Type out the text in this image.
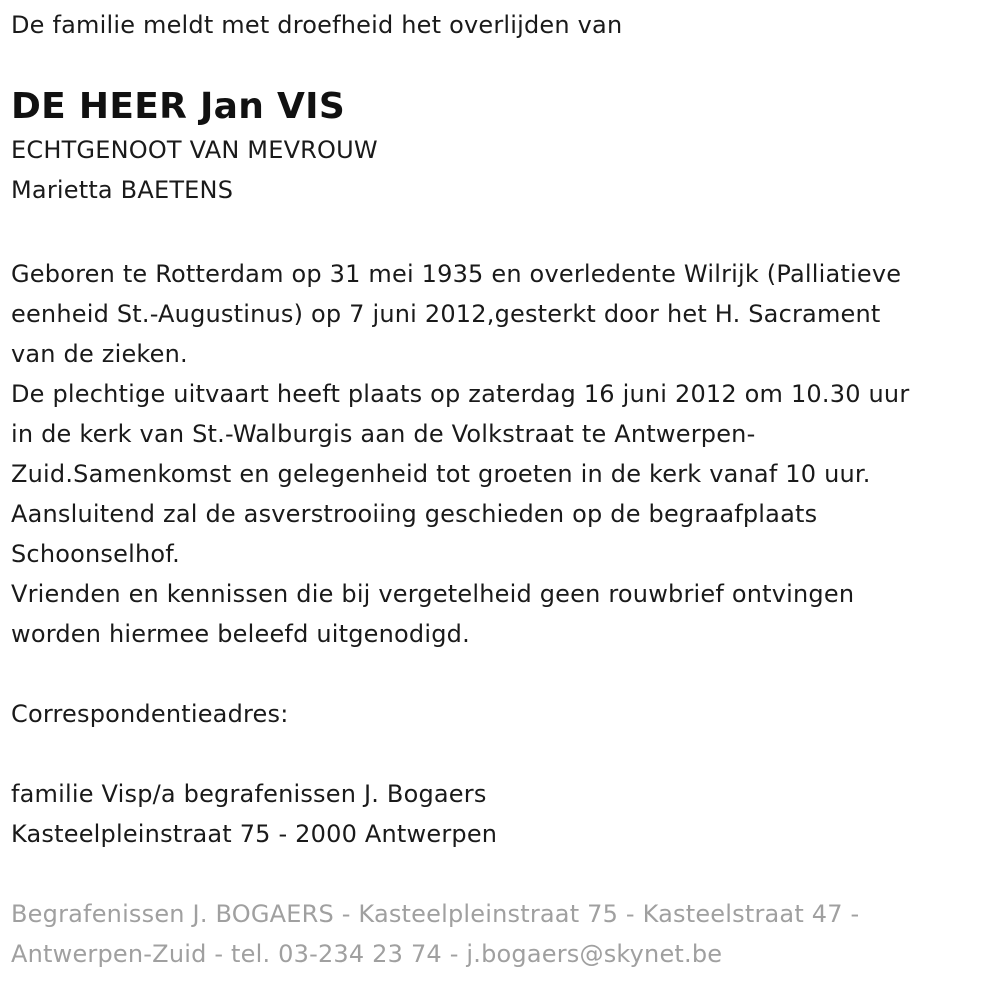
De familie meldt met droefheid het overlijden van
DE HEER Jan VIS
ECHTGENOOT VAN MEVROUW
Marietta BAETENS
Geboren te Rotterdam op 31 mei 1935 en overledente Wilrijk (Palliatieve
eenheid St.-Augustinus) op 7 juni 2012,gesterkt door het H. Sacrament
van de zieken.
De plechtige uitvaart heeft plaats op zaterdag 16 juni 2012 om 10.30 uur
in de kerk van St.-Walburgis aan de Volkstraat te Antwerpen-
Zuid.Samenkomst en gelegenheid tot groeten in de kerk vanaf 10 uur.
Aansluitend zal de asverstrooiing geschieden op de begraafplaats
Schoonselhof.
Vrienden en kennissen die bij vergetelheid geen rouwbrief ontvingen
worden hiermee beleefd uitgenodigd.
Correspondentieadres:
familie Visp/a begrafenissen J. Bogaers
Kasteelpleinstraat 75 - 2000 Antwerpen
Begrafenissen J. BOGAERS - Kasteelpleinstraat 75 - Kasteelstraat 47 -
Antwerpen-Zuid - tel. 03-234 23 74 - j.bogaers@skynet.be
